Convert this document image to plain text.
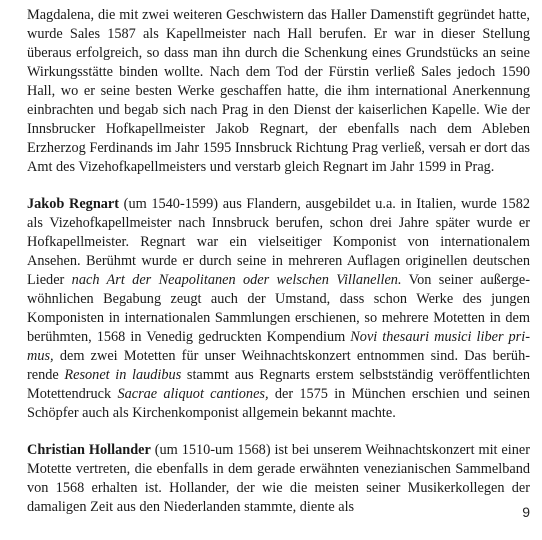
Magdalena, die mit zwei weiteren Geschwistern das Haller Damenstift gegründet hatte, wurde Sales 1587 als Kapellmeister nach Hall berufen. Er war in dieser Stellung überaus erfolgreich, so dass man ihn durch die Schenkung eines Grundstücks an seine Wirkungsstätte binden wollte. Nach dem Tod der Fürstin verließ Sales jedoch 1590 Hall, wo er seine besten Werke geschaffen hatte, die ihm international Anerkennung einbrachten und begab sich nach Prag in den Dienst der kaiserlichen Kapelle. Wie der Innsbrucker Hofkapellmeister Jakob Regnart, der ebenfalls nach dem Ableben Erzherzog Ferdinands im Jahr 1595 Innsbruck Richtung Prag verließ, versah er dort das Amt des Vizehofkapellmeisters und verstarb gleich Regnart im Jahr 1599 in Prag.

Jakob Regnart (um 1540-1599) aus Flandern, ausgebildet u.a. in Italien, wurde 1582 als Vizehofkapellmeister nach Innsbruck berufen, schon drei Jahre später wurde er Hofkapellmeister. Regnart war ein vielseitiger Komponist von internationalem Ansehen. Berühmt wurde er durch seine in mehreren Auflagen originellen deutschen Lieder nach Art der Neapolitanen oder welschen Villanellen. Von seiner außergewöhnlichen Begabung zeugt auch der Umstand, dass schon Werke des jungen Komponisten in internationalen Sammlungen erschienen, so mehrere Motetten in dem berühmten, 1568 in Venedig gedruckten Kompendium Novi thesauri musici liber primus, dem zwei Motetten für unser Weihnachtskonzert entnommen sind. Das berührende Resonet in laudibus stammt aus Regnarts erstem selbstständig veröffentlichten Motettendruck Sacrae aliquot cantiones, der 1575 in München erschien und seinen Schöpfer auch als Kirchenkomponist allgemein bekannt machte.

Christian Hollander (um 1510-um 1568) ist bei unserem Weihnachtskonzert mit einer Motette vertreten, die ebenfalls in dem gerade erwähnten venezianischen Sammelband von 1568 erhalten ist. Hollander, der wie die meisten seiner Musikerkollegen der damaligen Zeit aus den Niederlanden stammte, diente als	9
